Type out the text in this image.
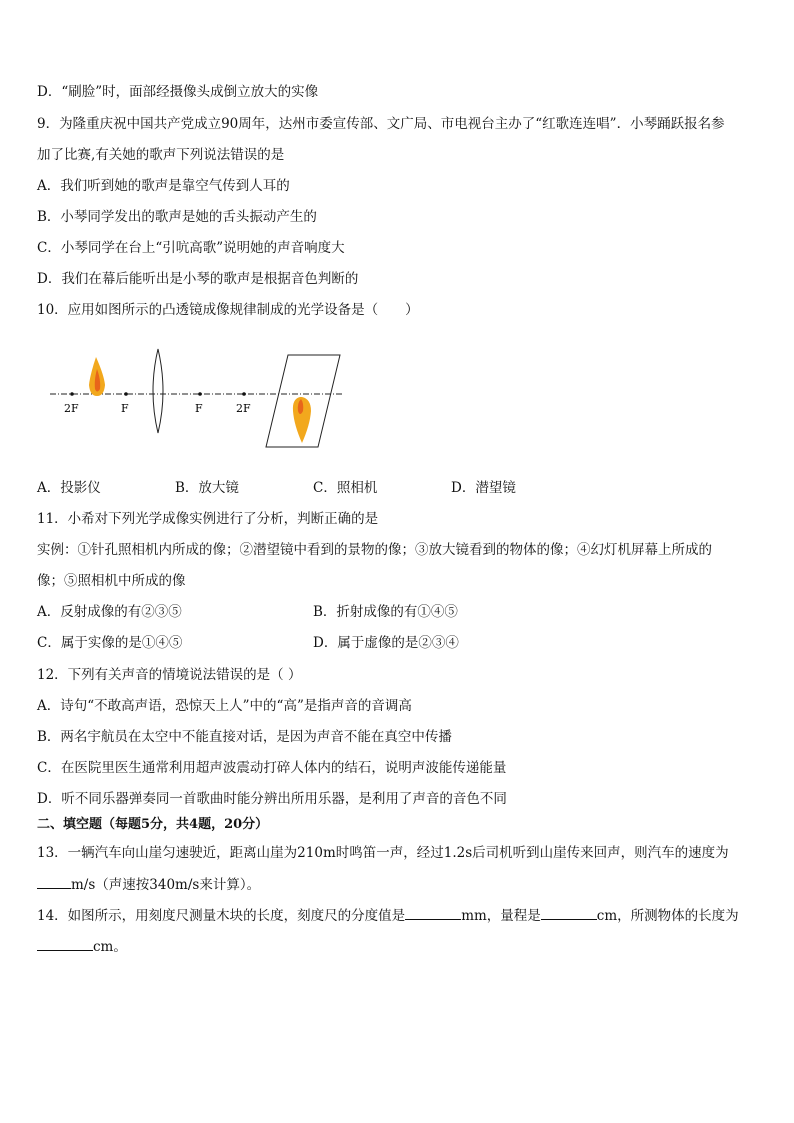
D．“刷脸”时，面部经摄像头成倒立放大的实像
9．为隆重庆祝中国共产党成立90周年，达州市委宣传部、文广局、市电视台主办了“红歌连连唱”．小琴踊跃报名参
加了比赛,有关她的歌声下列说法错误的是
A．我们听到她的歌声是靠空气传到人耳的
B．小琴同学发出的歌声是她的舌头振动产生的
C．小琴同学在台上“引吭高歌”说明她的声音响度大
D．我们在幕后能听出是小琴的歌声是根据音色判断的
10．应用如图所示的凸透镜成像规律制成的光学设备是（　　）
2F	F	F	2F
A．投影仪	B．放大镜	C．照相机	D．潜望镜
11．小希对下列光学成像实例进行了分析，判断正确的是
实例：①针孔照相机内所成的像；②潜望镜中看到的景物的像；③放大镜看到的物体的像；④幻灯机屏幕上所成的
像；⑤照相机中所成的像
A．反射成像的有②③⑤	B．折射成像的有①④⑤
C．属于实像的是①④⑤	D．属于虚像的是②③④
12．下列有关声音的情境说法错误的是（ ）
A．诗句“不敢高声语，恐惊天上人”中的“高”是指声音的音调高
B．两名宇航员在太空中不能直接对话，是因为声音不能在真空中传播
C．在医院里医生通常利用超声波震动打碎人体内的结石，说明声波能传递能量
D．听不同乐器弹奏同一首歌曲时能分辨出所用乐器，是利用了声音的音色不同
二、填空题（每题5分，共4题，20分）
13．一辆汽车向山崖匀速驶近，距离山崖为210m时鸣笛一声，经过1.2s后司机听到山崖传来回声，则汽车的速度为
m/s（声速按340m/s来计算）。
14．如图所示，用刻度尺测量木块的长度，刻度尺的分度值是	mm，量程是	cm，所测物体的长度为
cm。
